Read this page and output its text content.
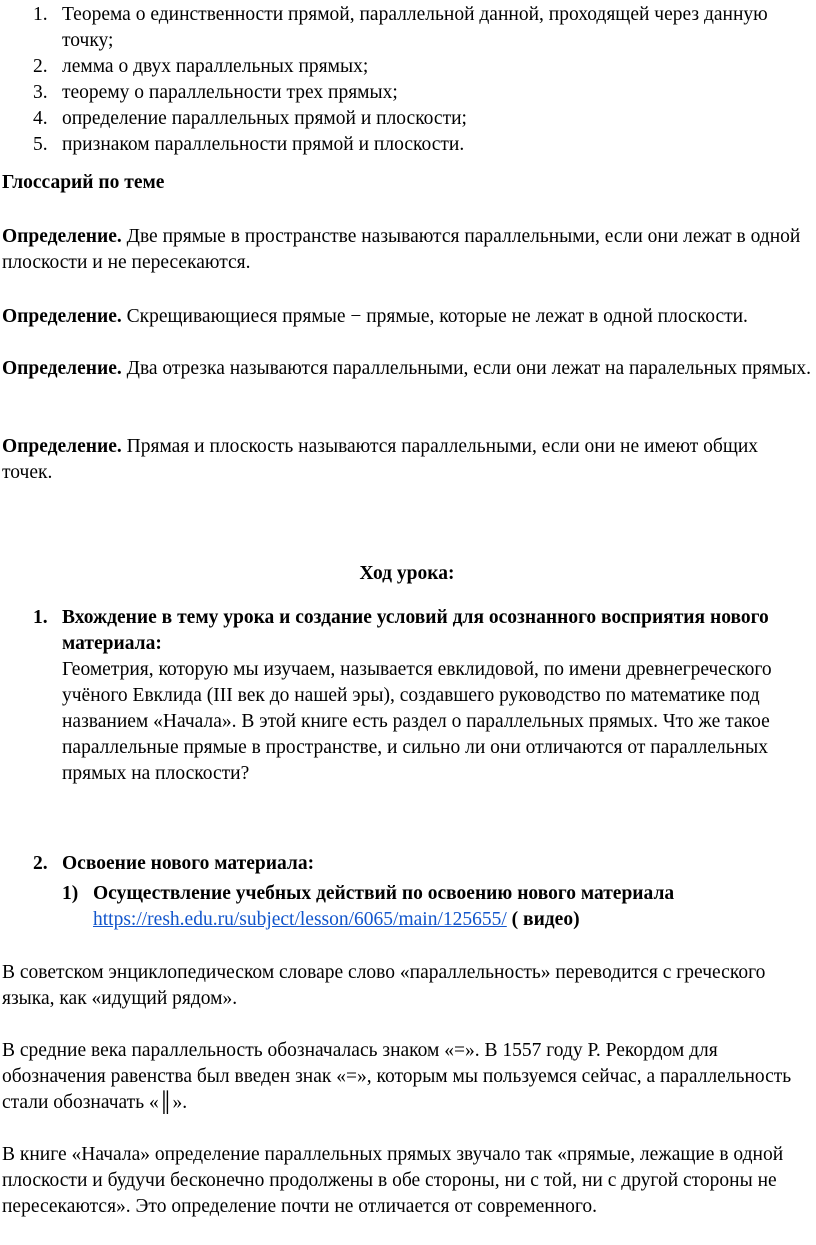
1. Теорема о единственности прямой, параллельной данной, проходящей через данную точку;
2. лемма о двух параллельных прямых;
3. теорему о параллельности трех прямых;
4. определение параллельных прямой и плоскости;
5. признаком параллельности прямой и плоскости.

Глоссарий по теме

Определение. Две прямые в пространстве называются параллельными, если они лежат в одной плоскости и не пересекаются.

Определение. Скрещивающиеся прямые − прямые, которые не лежат в одной плоскости.

Определение. Два отрезка называются параллельными, если они лежат на паралельных прямых.

Определение. Прямая и плоскость называются параллельными, если они не имеют общих точек.

Ход урока:

1. Вхождение в тему урока и создание условий для осознанного восприятия нового материала:

Геометрия, которую мы изучаем, называется евклидовой, по имени древнегреческого учёного Евклида (III век до нашей эры), создавшего руководство по математике под названием «Начала». В этой книге есть раздел о параллельных прямых. Что же такое параллельные прямые в пространстве, и сильно ли они отличаются от параллельных прямых на плоскости?

2. Освоение нового материала:

1) Осуществление учебных действий по освоению нового материала
https://resh.edu.ru/subject/lesson/6065/main/125655/ ( видео)

В советском энциклопедическом словаре слово «параллельность» переводится с греческого языка, как «идущий рядом».

В средние века параллельность обозначалась знаком «=». В 1557 году Р. Рекордом для обозначения равенства был введен знак «=», которым мы пользуемся сейчас, а параллельность стали обозначать «║».

В книге «Начала» определение параллельных прямых звучало так «прямые, лежащие в одной плоскости и будучи бесконечно продолжены в обе стороны, ни с той, ни с другой стороны не пересекаются». Это определение почти не отличается от современного.
